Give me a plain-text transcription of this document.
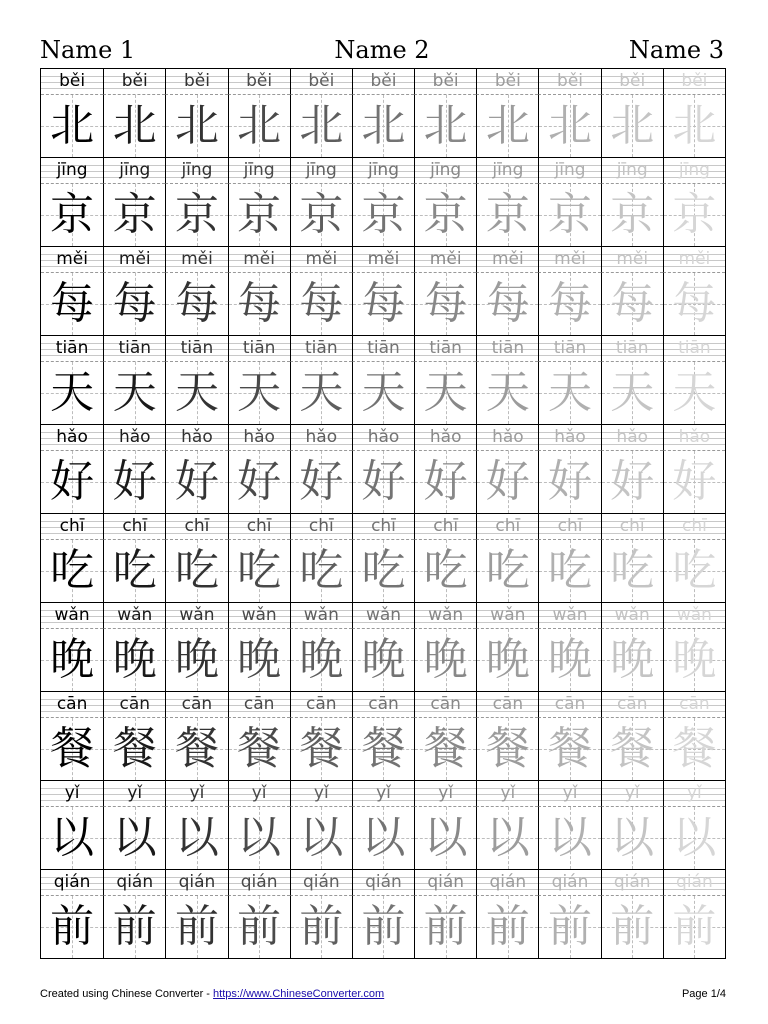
Name 1	Name 2	Name 3
běi běi běi běi běi běi běi běi běi běi běi
北 北 北 北 北 北 北 北 北 北 北
jīng jīng jīng jīng jīng jīng jīng jīng jīng jīng jīng
京 京 京 京 京 京 京 京 京 京 京
měi měi měi měi měi měi měi měi měi měi měi
每 每 每 每 每 每 每 每 每 每 每
tiān tiān tiān tiān tiān tiān tiān tiān tiān tiān tiān
天 天 天 天 天 天 天 天 天 天 天
hǎo hǎo hǎo hǎo hǎo hǎo hǎo hǎo hǎo hǎo hǎo
好 好 好 好 好 好 好 好 好 好 好
chī chī chī chī chī chī chī chī chī chī chī
吃 吃 吃 吃 吃 吃 吃 吃 吃 吃 吃
wǎn wǎn wǎn wǎn wǎn wǎn wǎn wǎn wǎn wǎn wǎn
晚 晚 晚 晚 晚 晚 晚 晚 晚 晚 晚
cān cān cān cān cān cān cān cān cān cān cān
餐 餐 餐 餐 餐 餐 餐 餐 餐 餐 餐
yǐ	yǐ	yǐ	yǐ	yǐ	yǐ	yǐ	yǐ	yǐ	yǐ	yǐ
以 以 以 以 以 以 以 以 以 以 以
qián qián qián qián qián qián qián qián qián qián qián
前 前 前 前 前 前 前 前 前 前 前
Created using Chinese Converter - https://www.ChineseConverter.com	Page 1/4
